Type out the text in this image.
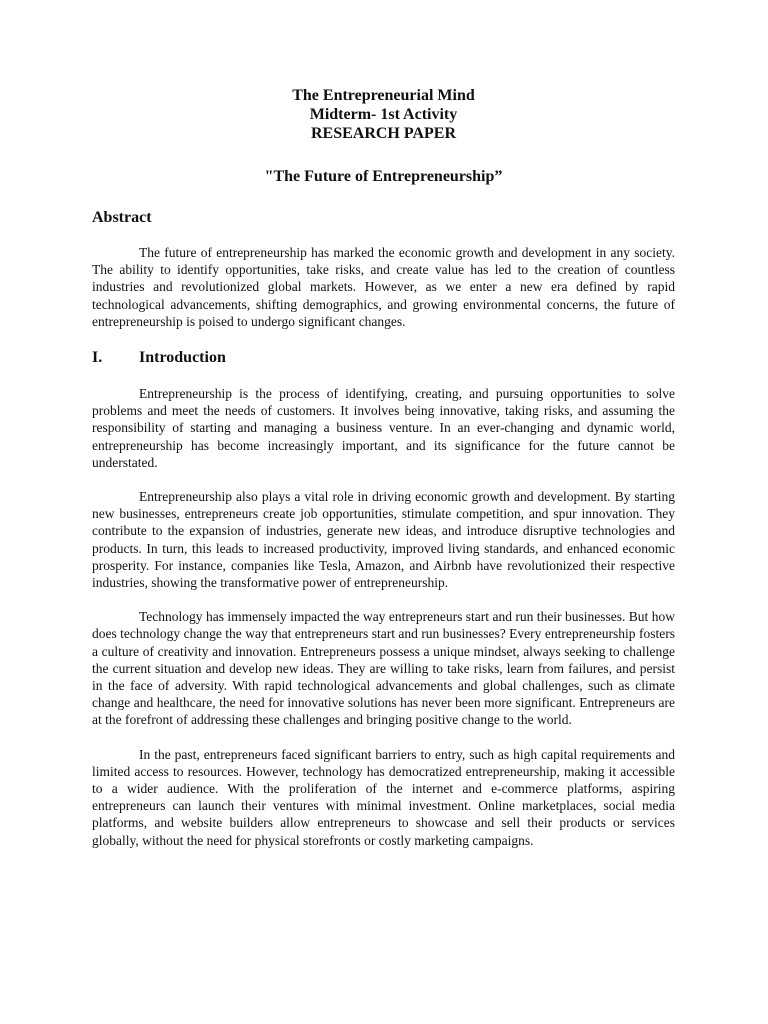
The Entrepreneurial Mind
Midterm- 1st Activity
RESEARCH PAPER
"The Future of Entrepreneurship”
Abstract

The future of entrepreneurship has marked the economic growth and development in any society. The ability to identify opportunities, take risks, and create value has led to the creation of countless industries and revolutionized global markets. However, as we enter a new era defined by rapid technological advancements, shifting demographics, and growing environmental concerns, the future of entrepreneurship is poised to undergo significant changes.

I.	Introduction

Entrepreneurship is the process of identifying, creating, and pursuing opportunities to solve problems and meet the needs of customers. It involves being innovative, taking risks, and assuming the responsibility of starting and managing a business venture. In an ever-changing and dynamic world, entrepreneurship has become increasingly important, and its significance for the future cannot be understated.

Entrepreneurship also plays a vital role in driving economic growth and development. By starting new businesses, entrepreneurs create job opportunities, stimulate competition, and spur innovation. They contribute to the expansion of industries, generate new ideas, and introduce disruptive technologies and products. In turn, this leads to increased productivity, improved living standards, and enhanced economic prosperity. For instance, companies like Tesla, Amazon, and Airbnb have revolutionized their respective industries, showing the transformative power of entrepreneurship.

Technology has immensely impacted the way entrepreneurs start and run their businesses. But how does technology change the way that entrepreneurs start and run businesses? Every entrepreneurship fosters a culture of creativity and innovation. Entrepreneurs possess a unique mindset, always seeking to challenge the current situation and develop new ideas. They are willing to take risks, learn from failures, and persist in the face of adversity. With rapid technological advancements and global challenges, such as climate change and healthcare, the need for innovative solutions has never been more significant. Entrepreneurs are at the forefront of addressing these challenges and bringing positive change to the world.

In the past, entrepreneurs faced significant barriers to entry, such as high capital requirements and limited access to resources. However, technology has democratized entrepreneurship, making it accessible to a wider audience. With the proliferation of the internet and e-commerce platforms, aspiring entrepreneurs can launch their ventures with minimal investment. Online marketplaces, social media platforms, and website builders allow entrepreneurs to showcase and sell their products or services globally, without the need for physical storefronts or costly marketing campaigns.
